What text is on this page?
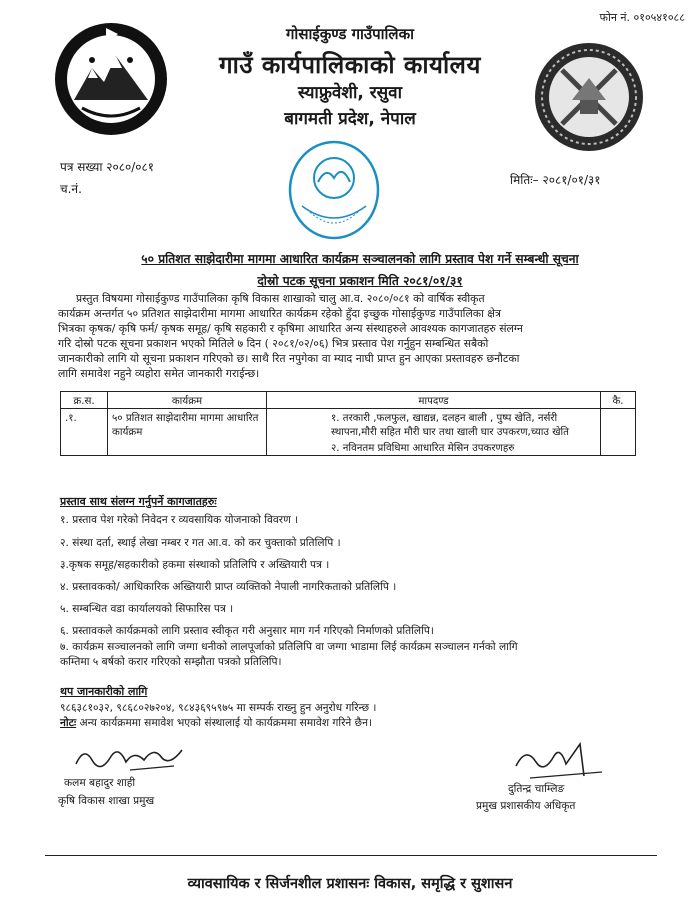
फोन नं. ०१०५४१०८८
गोसाईकुण्ड गाउँपालिका
गाउँ कार्यपालिकाको कार्यालय
स्याफ्रुवेशी, रसुवा
बागमती प्रदेश, नेपाल
पत्र सख्या २०८०/०८१
च.नं.
मितिः– २०८१/०१/३१
५० प्रतिशत साझेदारीमा मागमा आधारित कार्यक्रम सञ्चालनको लागि प्रस्ताव पेश गर्ने सम्बन्धी सूचना
दोस्रो पटक सूचना प्रकाशन मिति २०८१/०१/३१
प्रस्तुत विषयमा गोसाईकुण्ड गाउँपालिका कृषि विकास शाखाको चालु आ.व. २०८०/०८१ को वार्षिक स्वीकृत
कार्यक्रम अन्तर्गत ५० प्रतिशत साझेदारीमा मागमा आधारित कार्यक्रम रहेको हुँदा इच्छुक गोसाईकुण्ड गाउँपालिका क्षेत्र
भित्रका कृषक/ कृषि फर्म/ कृषक समूह/ कृषि सहकारी र कृषिमा आधारित अन्य संस्थाहरुले आवश्यक कागजातहरु संलग्न
गरि दोस्रो पटक सूचना प्रकाशन भएको मितिले ७ दिन ( २०८१/०२/०६) भित्र प्रस्ताव पेश गर्नुहुन सम्बन्धित सबैको
जानकारीको लागि यो सूचना प्रकाशन गरिएको छ। साथै रित नपुगेका वा म्याद नाघी प्राप्त हुन आएका प्रस्तावहरु छनौटका
लागि समावेश नहुने व्यहोरा समेत जानकारी गराईन्छ।
क्र.स.	कार्यक्रम	मापदण्ड	कै.
.१.	५० प्रतिशत साझेदारीमा मागमा आधारित कार्यक्रम	१. तरकारी ,फलफुल, खाद्यन्न, दलहन बाली , पुष्प खेति, नर्सरी स्थापना,मौरी सहित मौरी घार तथा खाली घार उपकरण,च्याउ खेति
२. नविनतम प्रविधिमा आधारित मेसिन उपकरणहरु	

प्रस्ताव साथ संलग्न गर्नुपर्ने कागजातहरुः
१. प्रस्ताव पेश गरेको निवेदन र व्यवसायिक योजनाको विवरण ।
२. संस्था दर्ता, स्थाई लेखा नम्बर र गत आ.व. को कर चुक्ताको प्रतिलिपि ।
३.कृषक समूह/सहकारीको हकमा संस्थाको प्रतिलिपि र अख्तियारी पत्र ।
४. प्रस्तावकको/ आधिकारिक अख्तियारी प्राप्त व्यक्तिको नेपाली नागरिकताको प्रतिलिपि ।
५. सम्बन्धित वडा कार्यालयको सिफारिस पत्र ।
६. प्रस्तावकले कार्यक्रमको लागि प्रस्ताव स्वीकृत गरी अनुसार माग गर्न गरिएको निर्माणको प्रतिलिपि।
७. कार्यक्रम सञ्चालनको लागि जग्गा धनीको लालपूर्जाको प्रतिलिपि वा जग्गा भाडामा लिई कार्यक्रम सञ्चालन गर्नको लागि
कम्तिमा ५ बर्षको करार गरिएको सम्झौता पत्रको प्रतिलिपि।
थप जानकारीको लागि
९८६३८१०३२, ९८६८०२७२०४, ९८४३६९५९७५ मा सम्पर्क राख्नु हुन अनुरोध गरिन्छ ।
नोटः अन्य कार्यक्रममा समावेश भएको संस्थालाई यो कार्यक्रममा समावेश गरिने छैन।
कलम बहादुर शाही
कृषि विकास शाखा प्रमुख
दुतिन्द्र चाम्लिङ
प्रमुख प्रशासकीय अधिकृत
व्यावसायिक र सिर्जनशील प्रशासनः विकास, समृद्धि र सुशासन
